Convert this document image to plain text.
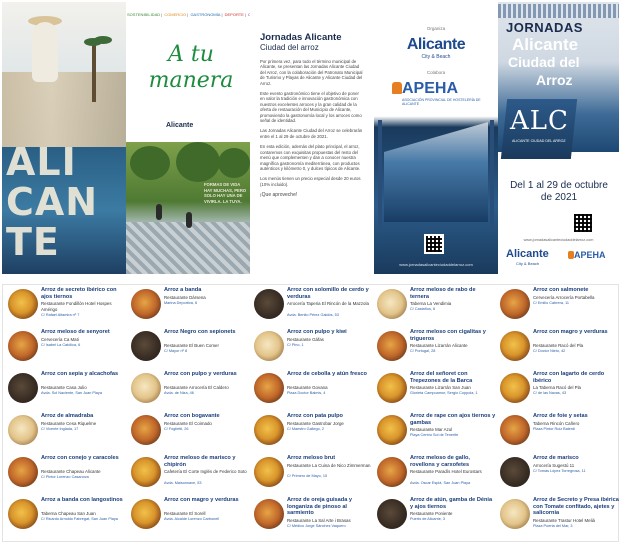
ALI
CAN
TE
SOSTENIBILIDAD| COMERCIO| GASTRONOMÍA| DEPORTE|
A tu manera
Alicante
FORMAS DE VIDA HAY MUCHAS, PERO SOLO HAY UNA DE VIVIRLA. LA TUYA.
Jornadas Alicante
Ciudad del arroz

Por primera vez, para todo el término municipal de Alicante, se presentan las Jornadas Alicante Ciudad del Arroz, con la colaboración del Patronato Municipal de Turismo y Playas de Alicante y Alicante Ciudad del Arroz.

Este evento gastronómico tiene el objetivo de poner en valor la tradición e innovación gastronómica con nuestros excelentes arroces y la gran calidad de la oferta de restauración del Municipio de Alicante, promoviendo la gastronomía local y los arroces como señal de identidad.

Las Jornadas Alicante Ciudad del Arroz se celebrarán entre el 1 al 29 de octubre de 2021.

En esta edición, además del plato principal, el arroz, contaremos con exquisitas propuestas del resto del menú que complementen y dan a conocer nuestra magnífica gastronomía mediterránea, con productos auténticos y kilómetro 0, y dulces típicos de Alicante.

Los menús tienen un precio especial desde 20 euros (10% incluido).

¡Que aproveche!
Organiza
Alicante
City & Beach
Colabora
APEHA
ASOCIACIÓN PROVINCIAL DE HOSTELERÍA DE ALICANTE
www.jornadasalicanteciudaddelarroz.com
JORNADAS
Alicante
Ciudad del
Arroz
ALC
ALICANTE CIUDAD DEL ARROZ
Del 1 al 29 de octubre de 2021
www.jornadasalicanteciudaddelarroz.com
Alicante
City & Beach
APEHA
Arroz de secreto ibérico con ajos tiernos
Restaurante Fondillón Hotel Hospes Amérigo
C/ Rafael Altamira nº 7
Arroz meloso de senyoret
Cervecería Ca Mati
C/ Isabel La Católica, 6
Arroz con sepia y alcachofas
Restaurante Casa Julio
Avda. Sol Naciente, San Juan Playa
Arroz de almadraba
Restaurante Cesa Riquelme
C/ Vicente Inglada, 17
Arroz con conejo y caracoles
Restaurante Chapeau Alicante
C/ Pintor Lorenzo Casanova
Arroz a banda con langostinos
Taberna Chapeau San Juan
C/ Ricardo Arnoldo Fabregat, San Juan Playa
Arroz a banda
Restaurante Dársena
Marina Deportiva, 6
Arroz Negro con sepionets
Restaurante El Buen Comer
C/ Mayor nº 8
Arroz con pulpo y verduras
Restaurante Arrocería El Caldero
Avda. de Niza, 46
Arroz con bogavante
Restaurante El Coimado
C/ Foglietti, 26
Arroz meloso de marisco y chipirón
Cafetería El Corte Inglés de Federico Soto
Avda. Maisonnave, 53
Arroz con magro y verduras
Restaurante El Sorell
Avda. Alcalde Lorenzo Carbonell
Arroz con solomillo de cerdo y verduras
Arrocería Taperia El Rincón de la Mazzola
Avda. Benito Pérez Galdós, 53
Arroz con pulpo y kiwi
Restaurante Gáfas
C/ Pino, 1
Arroz de cebolla y atún fresco
Restaurante Govana
Plaza Doctor Balmis, 4
Arroz con pata pulpo
Restaurante Gastrobar Jorge
C/ Maestro Gallego, 2
Arroz meloso brut
Restaurante La Cuina de Nico Zimmerman
C/ Primero de Mayo, 15
Arroz de oreja guisada y longaniza de pinoso al sarmiento
Restaurante La Sal Arte i Brasas
C/ Médico Jorge Sánchez Vaquero
Arroz meloso de rabo de ternera
Taberna La Vendimia
C/ Castaños, 6
Arroz meloso con cigalitas y trigueros
Restaurante Lizarrán Alicante
C/ Portugal, 28
Arroz del señoret con Trepezones de la Barca
Restaurante Lizarrán San Juan
Glorieta Campoamor, Sergio Coppola, 1
Arroz de rape con ajos tiernos y gambas
Restaurante Mar Azul
Playa Centro Sol de Tenerife
Arroz meloso de gallo, rovellons y carxofetes
Restaurante Paradís Hotel Eurostars
Avda. Oscar Esplá, San Juan Playa
Arroz de atún, gamba de Dénia y ajos tiernos
Restaurante Poniente
Puerto de Alicante, 3
Arroz con salmonete
Cervecería Arrocería Portabella
C/ Emilio Cabrera, 11
Arroz con magro y verduras
Restaurante Racó del Pla
C/ Doctor Nieto, 42
Arroz con lagarto de cerdo ibérico
La Taberna Racó del Pla
C/ de las Navas, 43
Arroz de foie y setas
Taberna Rincón Cañero
Plaza Pintor Ruiz Balerdi
Arroz de marisco
Arrocería Sugestú 11
C/ Tomás López Torregrosa, 11
Arroz de Secreto y Presa ibérica con Tomate confitado, ajetes y salicornia
Restaurante Trastur Hotel Meliá
Plaza Puerta del Mar, 3
